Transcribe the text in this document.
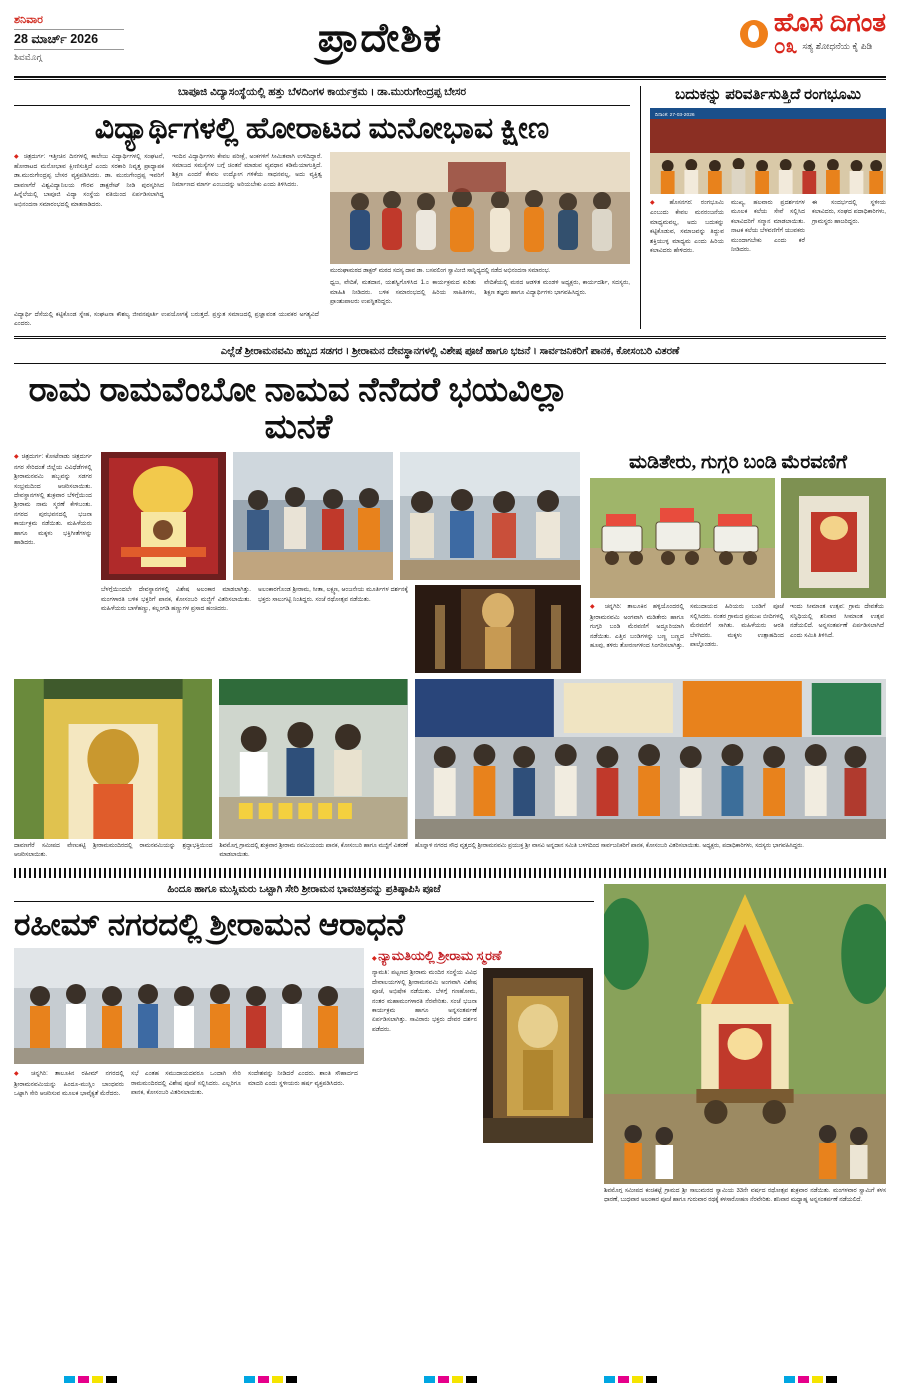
ಶನಿವಾರ
28 ಮಾರ್ಚ್ 2026
ಶಿವಮೊಗ್ಗ	ಪ್ರಾದೇಶಿಕ	ಹೊಸ ದಿಗಂತ
೦೩ ಸತ್ಯ ಶೋಧನೆಯ ಕೈ ಪಿಡಿ
ಬಾಪೂಜಿ ವಿದ್ಯಾಸಂಸ್ಥೆಯಲ್ಲಿ ಹತ್ತು ಬೆಳದಿಂಗಳ ಕಾರ್ಯಕ್ರಮ । ಡಾ.ಮುರುಗೇಂದ್ರಪ್ಪ ಬೇಸರ
ವಿದ್ಯಾರ್ಥಿಗಳಲ್ಲಿ ಹೋರಾಟದ ಮನೋಭಾವ ಕ್ಷೀಣ
◆ ಚಿತ್ರದುರ್ಗ: ಇತ್ತೀಚಿನ ದಿನಗಳಲ್ಲಿ ಕಾಲೇಜು ವಿದ್ಯಾರ್ಥಿಗಳಲ್ಲಿ ಸಂಘಟನೆ, ಹೋರಾಟದ ಮನೋಭಾವ ಕ್ಷೀಣಿಸುತ್ತಿದೆ ಎಂದು ಸರಕಾರಿ ನಿವೃತ್ತ ಪ್ರಾಧ್ಯಾಪಕ ಡಾ.ಮುರುಗೇಂದ್ರಪ್ಪ ಬೇಸರ ವ್ಯಕ್ತಪಡಿಸಿದರು. ಡಾ. ಮುರುಗೇಂದ್ರಪ್ಪ ಇವರಿಗೆ ದಾವಣಗೆರೆ ವಿಶ್ವವಿದ್ಯಾನಿಲಯ ಗೌರವ ಡಾಕ್ಟರೇಟ್ ನೀಡಿ ಪುರಸ್ಕರಿಸಿದ ಹಿನ್ನೆಲೆಯಲ್ಲಿ ಬಾಪೂಜಿ ವಿದ್ಯಾ ಸಂಸ್ಥೆಯ ವತಿಯಿಂದ ಏರ್ಪಡಿಸಲಾಗಿದ್ದ ಅಭಿನಂದನಾ ಸಮಾರಂಭದಲ್ಲಿ ಮಾತನಾಡಿದರು.
ಇಂದಿನ ವಿದ್ಯಾರ್ಥಿಗಳು ಕೇವಲ ಪರೀಕ್ಷೆ, ಅಂಕಗಳಿಗೆ ಸೀಮಿತವಾಗಿ ಉಳಿದಿದ್ದಾರೆ. ಸಮಾಜದ ಸಮಸ್ಯೆಗಳ ಬಗ್ಗೆ ಚಿಂತನೆ ಮಾಡುವ ವ್ಯವಧಾನ ಕಡಿಮೆಯಾಗುತ್ತಿದೆ. ಶಿಕ್ಷಣ ಎಂದರೆ ಕೇವಲ ಉದ್ಯೋಗ ಗಳಿಕೆಯ ಸಾಧನವಲ್ಲ, ಅದು ವ್ಯಕ್ತಿತ್ವ ನಿರ್ಮಾಣದ ಮಾರ್ಗ ಎಂಬುದನ್ನು ಅರಿಯಬೇಕು ಎಂದು ತಿಳಿಸಿದರು.
ಮುರುಘಾಮಠದ ಡಾಕ್ಟರ್ ಮಠದ ಸದಸ್ಯ ದಾವ ಡಾ. ಬಸವಲಿಂಗ ಸ್ವಾಮೀಜಿ ಸಾನ್ನಿಧ್ಯದಲ್ಲಿ ನಡೆದ ಅಭಿನಂದನಾ ಸಮಾರಂಭ.
ಧ್ವಜ, ವೇದಿಕೆ, ಮತದಾನ, ಯಶಸ್ವಿಗೊಳಿಸಿದ 1.೦ ಕಾರ್ಯಕ್ರಮದ ಕುರಿತು ಮಾಹಿತಿ ನೀಡಿದರು. ಬಳಿಕ ಸಮಾರಂಭದಲ್ಲಿ ಹಿರಿಯ ಸಾಹಿತಿಗಳು, ಪ್ರಾಂಶುಪಾಲರು ಉಪಸ್ಥಿತರಿದ್ದರು.
ವೇದಿಕೆಯಲ್ಲಿ ಮಠದ ಆಡಳಿತ ಮಂಡಳಿ ಅಧ್ಯಕ್ಷರು, ಕಾರ್ಯದರ್ಶಿ, ಸದಸ್ಯರು, ಶಿಕ್ಷಣ ತಜ್ಞರು ಹಾಗೂ ವಿದ್ಯಾರ್ಥಿಗಳು ಭಾಗವಹಿಸಿದ್ದರು.
ವಿದ್ಯಾರ್ಥಿ ದೆಸೆಯಲ್ಲಿ ಕಟ್ಟಿಕೊಂಡ ಸ್ನೇಹ, ಸಂಘಟನಾ ಕೌಶಲ್ಯ ಜೀವನಪೂರ್ತಿ ಉಪಯೋಗಕ್ಕೆ ಬರುತ್ತದೆ. ಪ್ರಸ್ತುತ ಸಮಾಜದಲ್ಲಿ ಪ್ರಜ್ಞಾವಂತ ಯುವಕರ ಅಗತ್ಯವಿದೆ ಎಂದರು.
ಬದುಕನ್ನು ಪರಿವರ್ತಿಸುತ್ತಿದೆ ರಂಗಭೂಮಿ
ದಿನಾಂಕ: 27-03-2026
◆ ಹೊಸನಗರ: ರಂಗಭೂಮಿ ಎಂಬುದು ಕೇವಲ ಮನರಂಜನೆಯ ಮಾಧ್ಯಮವಲ್ಲ, ಅದು ಬದುಕನ್ನು ಕಟ್ಟಿಕೊಡುವ, ಸಮಾಜವನ್ನು ತಿದ್ದುವ ಶಕ್ತಿಯುಳ್ಳ ಮಾಧ್ಯಮ ಎಂದು ಹಿರಿಯ ಕಲಾವಿದರು ಹೇಳಿದರು.
ಮುಖ್ಯ, ಹಲವಾರು ಪ್ರದರ್ಶನಗಳ ಮೂಲಕ ಕಲೆಯ ಸೇವೆ ಸಲ್ಲಿಸಿದ ಕಲಾವಿದರಿಗೆ ಸನ್ಮಾನ ಮಾಡಲಾಯಿತು. ನಾಟಕ ಕಲೆಯ ಬೆಳವಣಿಗೆಗೆ ಯುವಕರು ಮುಂದಾಗಬೇಕು ಎಂದು ಕರೆ ನೀಡಿದರು.
ಈ ಸಂದರ್ಭದಲ್ಲಿ ಸ್ಥಳೀಯ ಕಲಾವಿದರು, ಸಂಘದ ಪದಾಧಿಕಾರಿಗಳು, ಗ್ರಾಮಸ್ಥರು ಹಾಜರಿದ್ದರು.
ಎಲ್ಲೆಡೆ ಶ್ರೀರಾಮನವಮಿ ಹಬ್ಬದ ಸಡಗರ । ಶ್ರೀರಾಮನ ದೇವಸ್ಥಾನಗಳಲ್ಲಿ ವಿಶೇಷ ಪೂಜೆ ಹಾಗೂ ಭಜನೆ । ಸಾರ್ವಜನಿಕರಿಗೆ ಪಾನಕ, ಕೋಸಂಬರಿ ವಿತರಣೆ
ರಾಮ ರಾಮವೆಂಬೋ ನಾಮವ ನೆನೆದರೆ ಭಯವಿಲ್ಲಾ ಮನಕೆ
◆ ಚಿತ್ರದುರ್ಗ: ಕೋಟೆನಾಡು ಚಿತ್ರದುರ್ಗ ನಗರ ಸೇರಿದಂತೆ ಜಿಲ್ಲೆಯ ವಿವಿಧೆಡೆಗಳಲ್ಲಿ ಶ್ರೀರಾಮನವಮಿ ಹಬ್ಬವನ್ನು ಸಡಗರ ಸಂಭ್ರಮದಿಂದ ಆಚರಿಸಲಾಯಿತು. ದೇವಸ್ಥಾನಗಳಲ್ಲಿ ಶುಕ್ರವಾರ ಬೆಳಿಗ್ಗೆಯಿಂದ ಶ್ರೀರಾಮ ನಾಮ ಸ್ಮರಣೆ ಕೇಳಿಬಂತು. ನಗರದ ಪುರಭವನದಲ್ಲಿ ಭಜನಾ ಕಾರ್ಯಕ್ರಮ ನಡೆಯಿತು. ಮಹಿಳೆಯರು ಹಾಗೂ ಮಕ್ಕಳು ಭಕ್ತಿಗೀತೆಗಳನ್ನು ಹಾಡಿದರು.
ಬೆಳಗ್ಗೆಯಿಂದಲೇ ದೇವಸ್ಥಾನಗಳಲ್ಲಿ ವಿಶೇಷ ಅಲಂಕಾರ ಮಾಡಲಾಗಿತ್ತು. ಮಂಗಳಾರತಿ ಬಳಿಕ ಭಕ್ತರಿಗೆ ಪಾನಕ, ಕೋಸಂಬರಿ ಮಜ್ಜಿಗೆ ವಿತರಿಸಲಾಯಿತು. ಮಹಿಳೆಯರು ಬಾಳೆಹಣ್ಣು, ಕಲ್ಲಂಗಡಿ ಹಣ್ಣುಗಳ ಪ್ರಸಾದ ಹಂಚಿದರು.
ಅಲಂಕಾರಗೊಂಡ ಶ್ರೀರಾಮ, ಸೀತಾ, ಲಕ್ಷ್ಮಣ, ಆಂಜನೇಯ ಮೂರ್ತಿಗಳ ದರ್ಶನಕ್ಕೆ ಭಕ್ತರು ಸಾಲುಗಟ್ಟಿ ನಿಂತಿದ್ದರು. ಸಂಜೆ ರಥೋತ್ಸವ ನಡೆಯಿತು.
ಮಡಿತೇರು, ಗುಗ್ಗರಿ ಬಂಡಿ ಮೆರವಣಿಗೆ
◆ ಚನ್ನಗಿರಿ: ತಾಲೂಕಿನ ಹಳ್ಳಿಯೊಂದರಲ್ಲಿ ಶ್ರೀರಾಮನವಮಿ ಅಂಗವಾಗಿ ಮಡಿತೇರು ಹಾಗೂ ಗುಗ್ಗರಿ ಬಂಡಿ ಮೆರವಣಿಗೆ ಅದ್ಧೂರಿಯಾಗಿ ನಡೆಯಿತು. ಎತ್ತಿನ ಬಂಡಿಗಳನ್ನು ಬಣ್ಣ ಬಣ್ಣದ ಹೂವು, ತಳಿರು ತೋರಣಗಳಿಂದ ಸಿಂಗರಿಸಲಾಗಿತ್ತು.
ಸಮುದಾಯದ ಹಿರಿಯರು ಬಂಡಿಗೆ ಪೂಜೆ ಸಲ್ಲಿಸಿದರು. ನಂತರ ಗ್ರಾಮದ ಪ್ರಮುಖ ಬೀದಿಗಳಲ್ಲಿ ಮೆರವಣಿಗೆ ಸಾಗಿತು. ಮಹಿಳೆಯರು ಆರತಿ ಬೆಳಗಿದರು. ಮಕ್ಕಳು ಉತ್ಸಾಹದಿಂದ ಪಾಲ್ಗೊಂಡರು.
ಇಂದು ಸೀಮಾಂತ ಉತ್ಸವ: ಗ್ರಾಮ ದೇವತೆಯ ಸನ್ನಿಧಿಯಲ್ಲಿ ಶನಿವಾರ ಸೀಮಾಂತ ಉತ್ಸವ ನಡೆಯಲಿದೆ. ಅನ್ನಸಂತರ್ಪಣೆ ಏರ್ಪಡಿಸಲಾಗಿದೆ ಎಂದು ಸಮಿತಿ ತಿಳಿಸಿದೆ.
ದಾವಣಗೆರೆ ಸಮೀಪದ ವೇಣುಕಟ್ಟಿ ಶ್ರೀರಾಮಮಂದಿರದಲ್ಲಿ ರಾಮನವಮಿಯನ್ನು ಶ್ರದ್ಧಾಭಕ್ತಿಯಿಂದ ಆಚರಿಸಲಾಯಿತು.
ಶಿವಮೊಗ್ಗ ಗ್ರಾಮದಲ್ಲಿ ಶುಕ್ರವಾರ ಶ್ರೀರಾಮ ನವಮಿಯಂದು ಪಾನಕ, ಕೋಸಂಬರಿ ಹಾಗೂ ಮಜ್ಜಿಗೆ ವಿತರಣೆ ಮಾಡಲಾಯಿತು.
ಹೊನ್ನಾಳಿ ನಗರದ ಸೌಧ ವೃತ್ತದಲ್ಲಿ ಶ್ರೀರಾಮನವಮಿ ಪ್ರಯುಕ್ತ ಶ್ರೀ ವಾಸವಿ ಅನ್ನದಾನ ಸಮಿತಿ ಬಳಗದಿಂದ ಸಾರ್ವಜನಿಕರಿಗೆ ಪಾನಕ, ಕೋಸಂಬರಿ ವಿತರಿಸಲಾಯಿತು. ಅಧ್ಯಕ್ಷರು, ಪದಾಧಿಕಾರಿಗಳು, ಸದಸ್ಯರು ಭಾಗವಹಿಸಿದ್ದರು.
ಹಿಂದೂ ಹಾಗೂ ಮುಸ್ಲಿಮರು ಒಟ್ಟಾಗಿ ಸೇರಿ ಶ್ರೀರಾಮನ ಭಾವಚಿತ್ರವನ್ನು ಪ್ರತಿಷ್ಠಾಪಿಸಿ ಪೂಜೆ
ರಹೀಮ್ ನಗರದಲ್ಲಿ ಶ್ರೀರಾಮನ ಆರಾಧನೆ
◆ ಚನ್ನಗಿರಿ: ತಾಲೂಕಿನ ರಹೀಮ್ ನಗರದಲ್ಲಿ ಶ್ರೀರಾಮನವಮಿಯನ್ನು ಹಿಂದೂ-ಮುಸ್ಲಿಂ ಬಾಂಧವರು ಒಟ್ಟಾಗಿ ಸೇರಿ ಆಚರಿಸುವ ಮೂಲಕ ಭಾವೈಕ್ಯತೆ ಮೆರೆದರು.
ಸಭೆ ಎಂತಹ ಸಮುದಾಯದವರೂ ಒಂದಾಗಿ ಸೇರಿ ರಾಮಮಂದಿರದಲ್ಲಿ ವಿಶೇಷ ಪೂಜೆ ಸಲ್ಲಿಸಿದರು. ಎಲ್ಲರಿಗೂ ಪಾನಕ, ಕೋಸಂಬರಿ ವಿತರಿಸಲಾಯಿತು.
ಸಂದೇಶವನ್ನು ನೀಡಿದರೆ ಎಂದರು. ಶಾಂತಿ ಸೌಹಾರ್ದದ ಮಾದರಿ ಎಂದು ಸ್ಥಳೀಯರು ಹರ್ಷ ವ್ಯಕ್ತಪಡಿಸಿದರು.
◆ ನ್ಯಾಮತಿಯಲ್ಲಿ ಶ್ರೀರಾಮ ಸ್ಮರಣೆ
ನ್ಯಾಮತಿ: ಪಟ್ಟಣದ ಶ್ರೀರಾಮ ಮಂದಿರ ಸಂಸ್ಥೆಯ ವಿವಿಧ ದೇವಾಲಯಗಳಲ್ಲಿ ಶ್ರೀರಾಮನವಮಿ ಅಂಗವಾಗಿ ವಿಶೇಷ ಪೂಜೆ, ಅಭಿಷೇಕ ನಡೆಯಿತು. ಬೆಳಗ್ಗೆ ಗಣಹೋಮ, ನಂತರ ಮಹಾಮಂಗಳಾರತಿ ನೆರವೇರಿತು. ಸಂಜೆ ಭಜನಾ ಕಾರ್ಯಕ್ರಮ ಹಾಗೂ ಅನ್ನಸಂತರ್ಪಣೆ ಏರ್ಪಡಿಸಲಾಗಿತ್ತು. ಸಾವಿರಾರು ಭಕ್ತರು ದೇವರ ದರ್ಶನ ಪಡೆದರು.
ಶಿವಮೊಗ್ಗ ಸಮೀಪದ ಕಂಚಿಕಟ್ಟೆ ಗ್ರಾಮದ ಶ್ರೀ ಸಾಲುಮರದ ಸ್ವಾಮಿಯ 33ನೇ ವರ್ಷದ ರಥೋತ್ಸವ ಶುಕ್ರವಾರ ನಡೆಯಿತು. ಮಂಗಳವಾರ ಸ್ವಾಮಿಗೆ ಕಳಸ ಧಾರಣೆ, ಬುಧವಾರ ಅಲಂಕಾರ ಪೂಜೆ ಹಾಗೂ ಗುರುವಾರ ರಥಕ್ಕೆ ಕಳಸಾರೋಹಣ ನೆರವೇರಿತು. ಶನಿವಾರ ಮಧ್ಯಾಹ್ನ ಅನ್ನಸಂತರ್ಪಣೆ ನಡೆಯಲಿದೆ.
